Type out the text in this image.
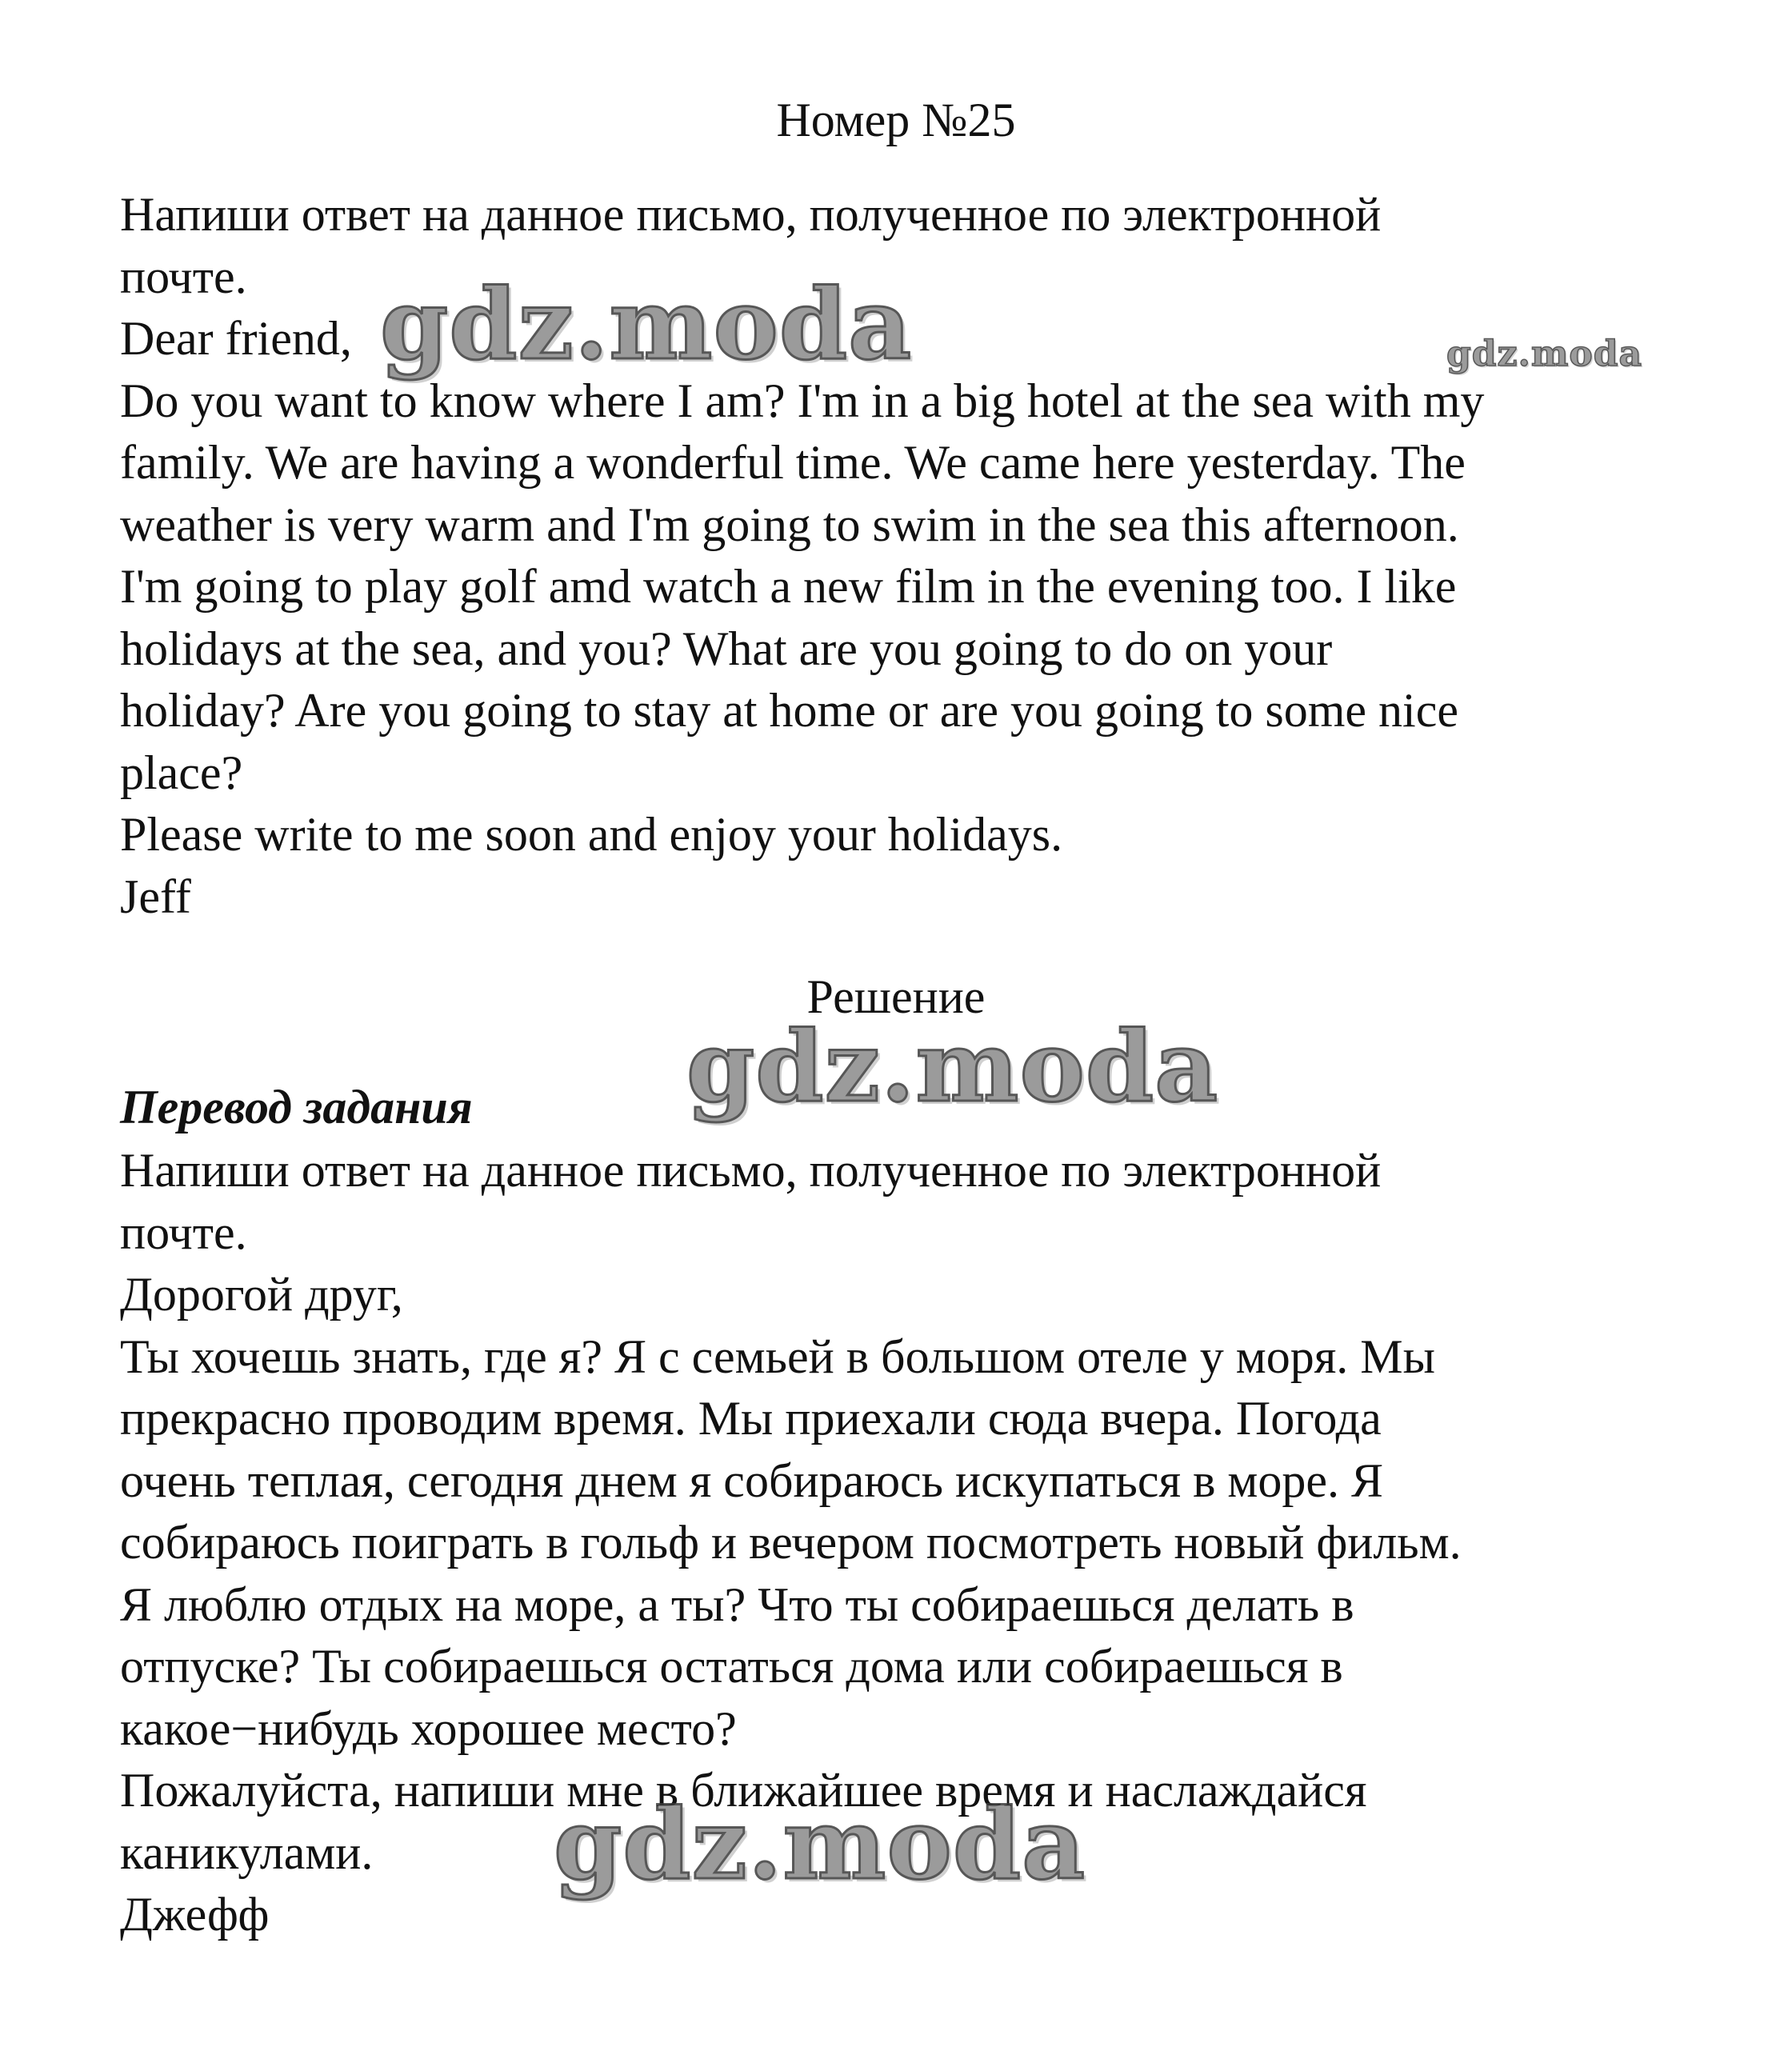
Номер №25
Напиши ответ на данное письмо, полученное по электронной
почте.
Dear friend,
Do you want to know where I am? I'm in a big hotel at the sea with my
family. We are having a wonderful time. We came here yesterday. The
weather is very warm and I'm going to swim in the sea this afternoon.
I'm going to play golf amd watch a new film in the evening too. I like
holidays at the sea, and you? What are you going to do on your
holiday? Are you going to stay at home or are you going to some nice
place?
Please write to me soon and enjoy your holidays.
Jeff
Решение
Перевод задания
Напиши ответ на данное письмо, полученное по электронной
почте.
Дорогой друг,
Ты хочешь знать, где я? Я с семьей в большом отеле у моря. Мы
прекрасно проводим время. Мы приехали сюда вчера. Погода
очень теплая, сегодня днем я собираюсь искупаться в море. Я
собираюсь поиграть в гольф и вечером посмотреть новый фильм.
Я люблю отдых на море, а ты? Что ты собираешься делать в
отпуске? Ты собираешься остаться дома или собираешься в
какое−нибудь хорошее место?
Пожалуйста, напиши мне в ближайшее время и наслаждайся
каникулами.
Джефф
gdz.moda	gdz.moda
gdz.moda
gdz.moda
